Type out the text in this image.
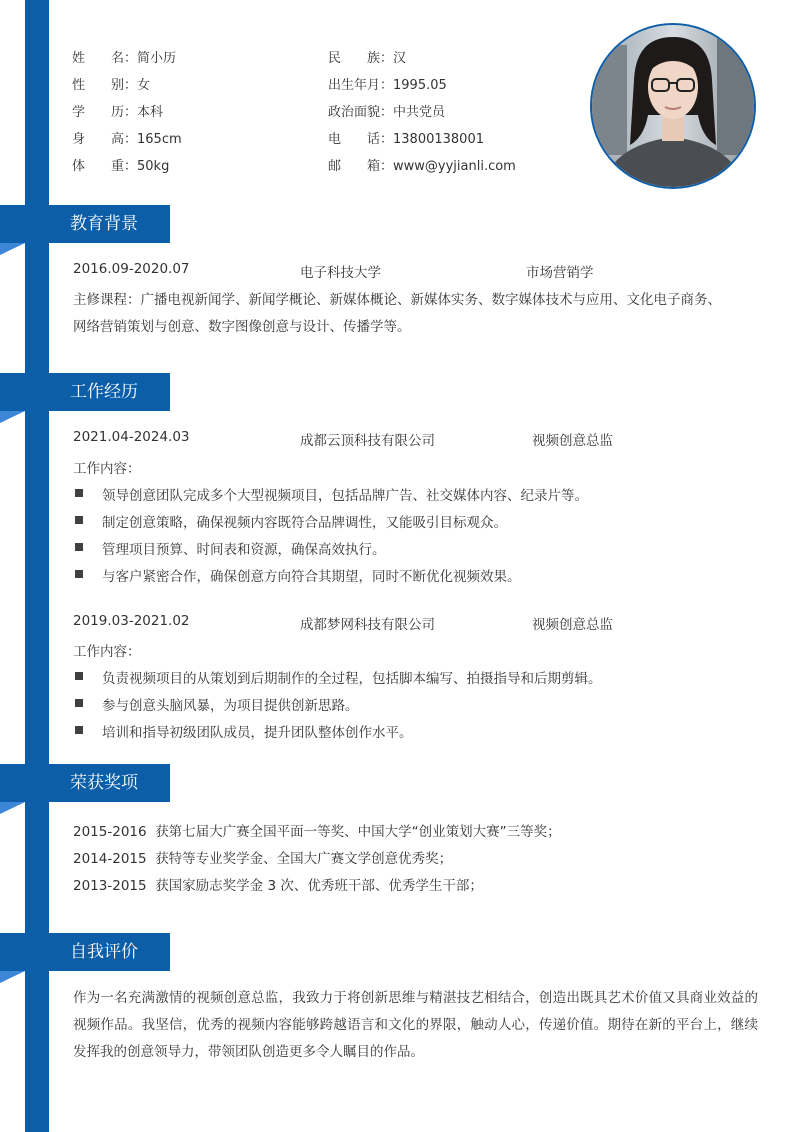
姓　　名：简小历
性　　别：女
学　　历：本科
身　　高：165cm
体　　重：50kg
民　　族：汉
出生年月：1995.05
政治面貌：中共党员
电　　话：13800138001
邮　　箱：www@yyjianli.com
教育背景
2016.09-2020.07	电子科技大学	市场营销学
主修课程：广播电视新闻学、新闻学概论、新媒体概论、新媒体实务、数字媒体技术与应用、文化电子商务、
网络营销策划与创意、数字图像创意与设计、传播学等。
工作经历
2021.04-2024.03	成都云顶科技有限公司	视频创意总监
工作内容：
领导创意团队完成多个大型视频项目，包括品牌广告、社交媒体内容、纪录片等。
制定创意策略，确保视频内容既符合品牌调性，又能吸引目标观众。
管理项目预算、时间表和资源，确保高效执行。
与客户紧密合作，确保创意方向符合其期望，同时不断优化视频效果。
2019.03-2021.02	成都梦网科技有限公司	视频创意总监
工作内容：
负责视频项目的从策划到后期制作的全过程，包括脚本编写、拍摄指导和后期剪辑。
参与创意头脑风暴，为项目提供创新思路。
培训和指导初级团队成员，提升团队整体创作水平。
荣获奖项
2015-2016 获第七届大广赛全国平面一等奖、中国大学“创业策划大赛”三等奖；
2014-2015 获特等专业奖学金、全国大广赛文学创意优秀奖；
2013-2015 获国家励志奖学金 3 次、优秀班干部、优秀学生干部；
自我评价
作为一名充满激情的视频创意总监，我致力于将创新思维与精湛技艺相结合，创造出既具艺术价值又具商业效益的视频作品。我坚信，优秀的视频内容能够跨越语言和文化的界限，触动人心，传递价值。期待在新的平台上，继续发挥我的创意领导力，带领团队创造更多令人瞩目的作品。
